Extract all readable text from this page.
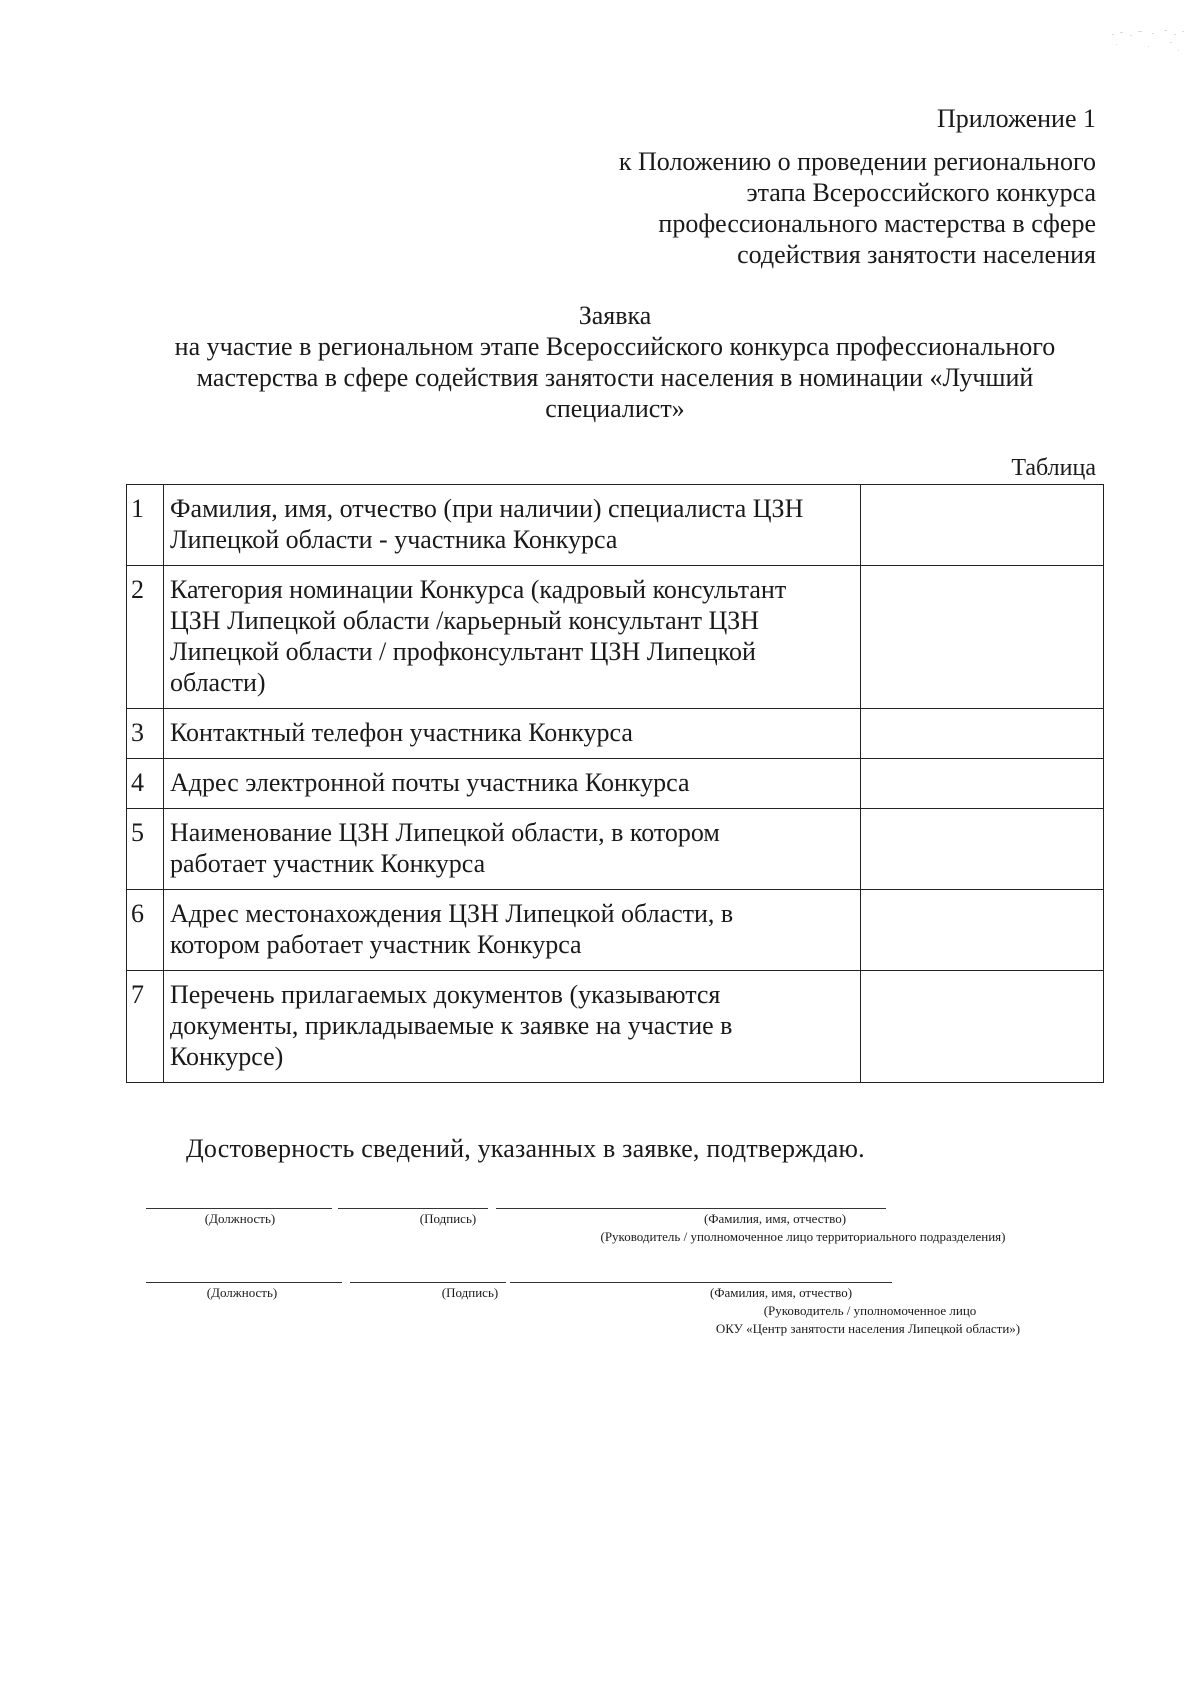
Приложение 1
к Положению о проведении регионального
этапа Всероссийского конкурса
профессионального мастерства в сфере
содействия занятости населения
Заявка
на участие в региональном этапе Всероссийского конкурса профессионального
мастерства в сфере содействия занятости населения в номинации «Лучший
специалист»
Таблица
1	Фамилия, имя, отчество (при наличии) специалиста ЦЗН
Липецкой области - участника Конкурса	

2	Категория номинации Конкурса (кадровый консультант
ЦЗН Липецкой области /карьерный консультант ЦЗН
Липецкой области / профконсультант ЦЗН Липецкой
области)	

3	Контактный телефон участника Конкурса	

4	Адрес электронной почты участника Конкурса	

5	Наименование ЦЗН Липецкой области, в котором
работает участник Конкурса	

6	Адрес местонахождения ЦЗН Липецкой области, в
котором работает участник Конкурса	

7	Перечень прилагаемых документов (указываются
документы, прикладываемые к заявке на участие в
Конкурсе)	

Достоверность сведений, указанных в заявке, подтверждаю.
(Должность)	(Подпись)	(Фамилия, имя, отчество)
(Руководитель / уполномоченное лицо территориального подразделения)
(Должность)	(Подпись)	(Фамилия, имя, отчество)
(Руководитель / уполномоченное лицо
ОКУ «Центр занятости населения Липецкой области»)
